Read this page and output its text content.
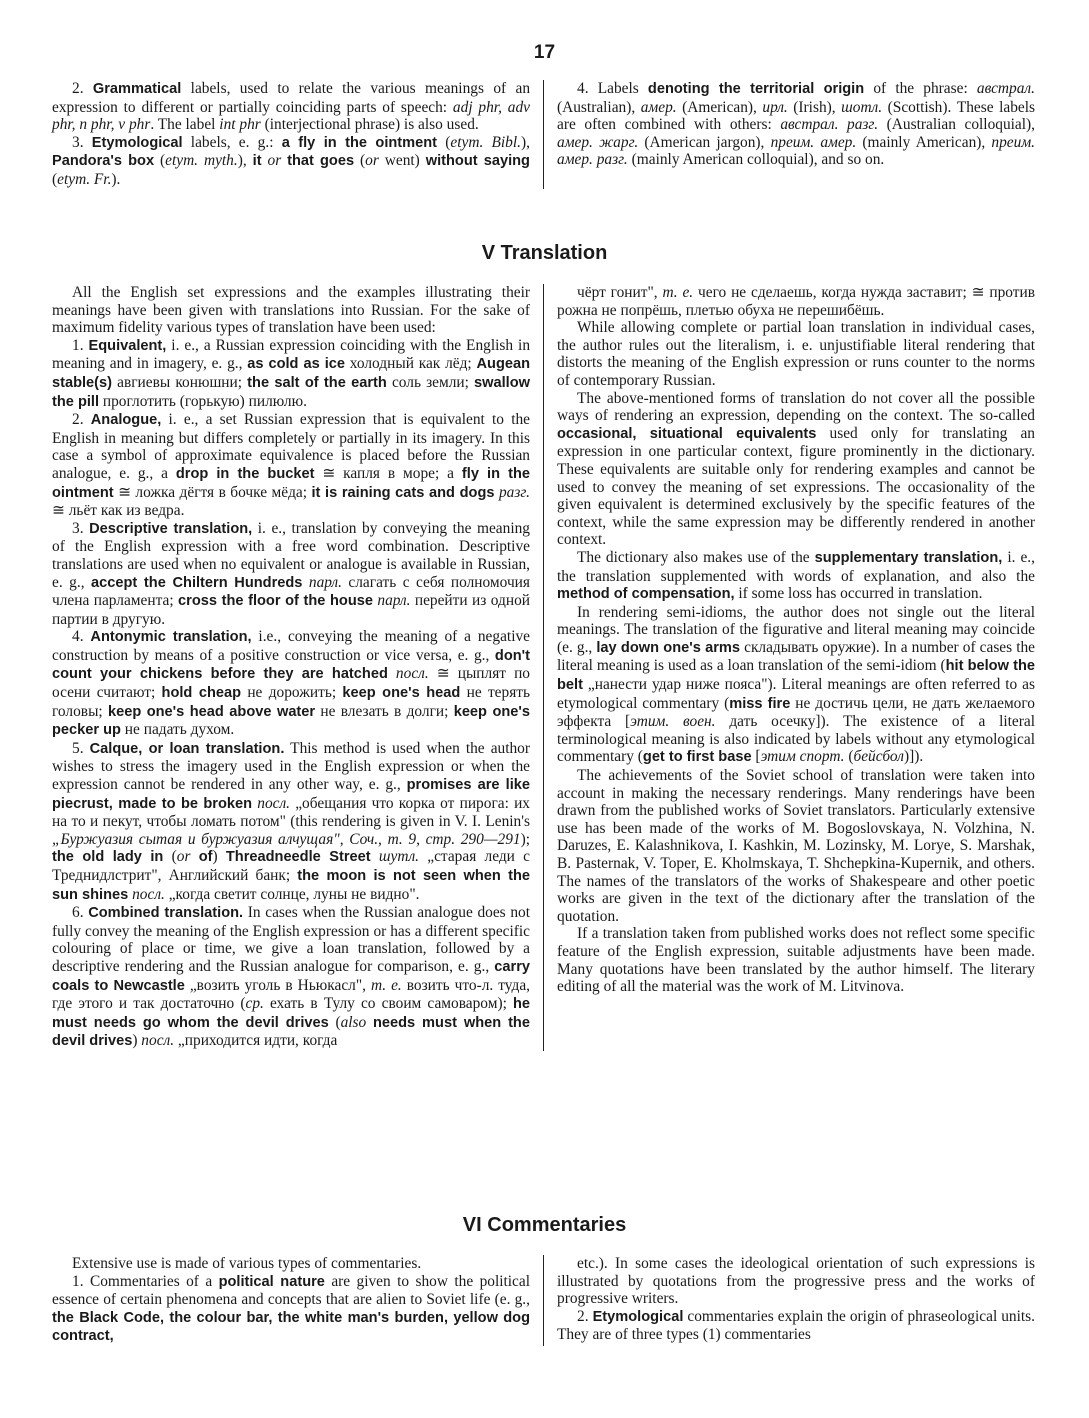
17

2. Grammatical labels, used to relate the various meanings of an expression to different or partially coinciding parts of speech: adj phr, adv phr, n phr, v phr. The label int phr (interjectional phrase) is also used.

3. Etymological labels, e. g.: a fly in the ointment (etym. Bibl.), Pandora's box (etym. myth.), it or that goes (or went) without saying (etym. Fr.).

4. Labels denoting the territorial origin of the phrase: австрал. (Australian), амер. (American), ирл. (Irish), шотл. (Scottish). These labels are often combined with others: австрал. разг. (Australian colloquial), амер. жарг. (American jargon), преим. амер. (mainly American), преим. амер. разг. (mainly American colloquial), and so on.

V Translation

All the English set expressions and the examples illustrating their meanings have been given with translations into Russian. For the sake of maximum fidelity various types of translation have been used:

1. Equivalent, i. e., a Russian expression coinciding with the English in meaning and in imagery, e. g., as cold as ice холодный как лёд; Augean stable(s) авгиевы конюшни; the salt of the earth соль земли; swallow the pill проглотить (горькую) пилюлю.

2. Analogue, i. e., a set Russian expression that is equivalent to the English in meaning but differs completely or partially in its imagery. In this case a symbol of approximate equivalence is placed before the Russian analogue, e. g., a drop in the bucket ≅ капля в море; a fly in the ointment ≅ ложка дёгтя в бочке мёда; it is raining cats and dogs разг. ≅ льёт как из ведра.

3. Descriptive translation, i. e., translation by conveying the meaning of the English expression with a free word combination. Descriptive translations are used when no equivalent or analogue is available in Russian, e. g., accept the Chiltern Hundreds парл. слагать с себя полномочия члена парламента; cross the floor of the house парл. перейти из одной партии в другую.

4. Antonymic translation, i.e., conveying the meaning of a negative construction by means of a positive construction or vice versa, e. g., don't count your chickens before they are hatched посл. ≅ цыплят по осени считают; hold cheap не дорожить; keep one's head не терять головы; keep one's head above water не влезать в долги; keep one's pecker up не падать духом.

5. Calque, or loan translation. This method is used when the author wishes to stress the imagery used in the English expression or when the expression cannot be rendered in any other way, e. g., promises are like piecrust, made to be broken посл. „обещания что корка от пирога: их на то и пекут, чтобы ломать потом" (this rendering is given in V. I. Lenin's „Буржуазия сытая и буржуазия алчущая", Соч., т. 9, стр. 290—291); the old lady in (or of) Threadneedle Street шутл. „старая леди с Треднидлстрит", Английский банк; the moon is not seen when the sun shines посл. „когда светит солнце, луны не видно".

6. Combined translation. In cases when the Russian analogue does not fully convey the meaning of the English expression or has a different specific colouring of place or time, we give a loan translation, followed by a descriptive rendering and the Russian analogue for comparison, e. g., carry coals to Newcastle „возить уголь в Ньюкасл", т. е. возить что-л. туда, где этого и так достаточно (ср. ехать в Тулу со своим самоваром); he must needs go whom the devil drives (also needs must when the devil drives) посл. „приходится идти, когда

чёрт гонит", т. е. чего не сделаешь, когда нужда заставит; ≅ против рожна не попрёшь, плетью обуха не перешибёшь.

While allowing complete or partial loan translation in individual cases, the author rules out the literalism, i. e. unjustifiable literal rendering that distorts the meaning of the English expression or runs counter to the norms of contemporary Russian.

The above-mentioned forms of translation do not cover all the possible ways of rendering an expression, depending on the context. The so-called occasional, situational equivalents used only for translating an expression in one particular context, figure prominently in the dictionary. These equivalents are suitable only for rendering examples and cannot be used to convey the meaning of set expressions. The occasionality of the given equivalent is determined exclusively by the specific features of the context, while the same expression may be differently rendered in another context.

The dictionary also makes use of the supplementary translation, i. e., the translation supplemented with words of explanation, and also the method of compensation, if some loss has occurred in translation.

In rendering semi-idioms, the author does not single out the literal meanings. The translation of the figurative and literal meaning may coincide (e. g., lay down one's arms складывать оружие). In a number of cases the literal meaning is used as a loan translation of the semi-idiom (hit below the belt „нанести удар ниже пояса"). Literal meanings are often referred to as etymological commentary (miss fire не достичь цели, не дать желаемого эффекта [этим. воен. дать осечку]). The existence of a literal terminological meaning is also indicated by labels without any etymological commentary (get to first base [этим спорт. (бейсбол)]).

The achievements of the Soviet school of translation were taken into account in making the necessary renderings. Many renderings have been drawn from the published works of Soviet translators. Particularly extensive use has been made of the works of M. Bogoslovskaya, N. Volzhina, N. Daruzes, E. Kalashnikova, I. Kashkin, M. Lozinsky, M. Lorye, S. Marshak, B. Pasternak, V. Toper, E. Kholmskaya, T. Shchepkina-Kupernik, and others. The names of the translators of the works of Shakespeare and other poetic works are given in the text of the dictionary after the translation of the quotation.

If a translation taken from published works does not reflect some specific feature of the English expression, suitable adjustments have been made. Many quotations have been translated by the author himself. The literary editing of all the material was the work of M. Litvinova.

VI Commentaries

Extensive use is made of various types of commentaries.

1. Commentaries of a political nature are given to show the political essence of certain phenomena and concepts that are alien to Soviet life (e. g., the Black Code, the colour bar, the white man's burden, yellow dog contract,

etc.). In some cases the ideological orientation of such expressions is illustrated by quotations from the progressive press and the works of progressive writers.

2. Etymological commentaries explain the origin of phraseological units. They are of three types (1) commentaries
